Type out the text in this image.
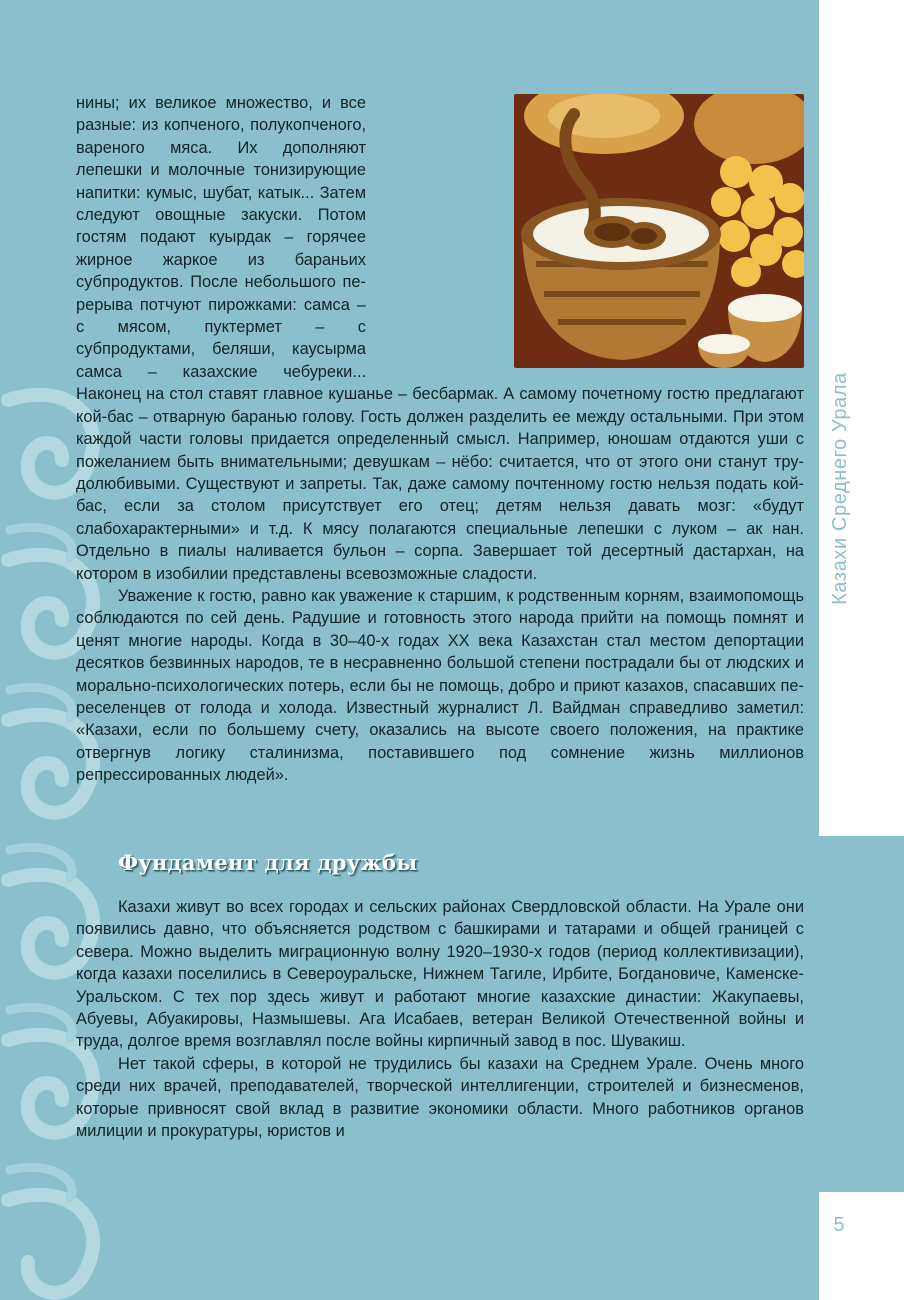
Казахи Среднего Урала
5

нины; их великое множество, и все разные: из копченого, полукопченого, вареного мяса. Их дополняют лепешки и молочные тонизирующие напитки: кумыс, шубат, катык... Затем следуют овощные закуски. Потом гостям подают куырдак – горячее жирное жаркое из бараньих субпродуктов. После небольшого перерыва потчуют пирожками: самса – с мясом, пуктермет – с субпродуктами, беляши, каусырма самса – казахские чебуреки... Наконец на стол ставят главное кушанье – бесбармак. А самому почетному гостю предлагают кой-бас – отварную баранью голову. Гость должен разделить ее между остальными. При этом каждой части головы придается определенный смысл. Например, юношам отдаются уши с пожеланием быть внимательными; девушкам – нёбо: считается, что от этого они станут трудолюбивыми. Существуют и запреты. Так, даже самому почтенному гостю нельзя подать кой-бас, если за столом присутствует его отец; детям нельзя давать мозг: «будут слабохарактерными» и т.д. К мясу полагаются специальные лепешки с луком – ак нан. Отдельно в пиалы наливается бульон – сорпа. Завершает той десертный дастархан, на котором в изобилии представлены всевозможные сладости.

Уважение к гостю, равно как уважение к старшим, к родственным корням, взаимопомощь соблюдаются по сей день. Радушие и готовность этого народа прийти на помощь помнят и ценят многие народы. Когда в 30–40-х годах XX века Казахстан стал местом депортации десятков безвинных народов, те в несравненно большой степени пострадали бы от людских и морально-психологических потерь, если бы не помощь, добро и приют казахов, спасавших переселенцев от голода и холода. Известный журналист Л. Вайдман справедливо заметил: «Казахи, если по большему счету, оказались на высоте своего положения, на практике отвергнув логику сталинизма, поставившего под сомнение жизнь миллионов репрессированных людей».

Фундамент для дружбы

Казахи живут во всех городах и сельских районах Свердловской области. На Урале они появились давно, что объясняется родством с башкирами и татарами и общей границей с севера. Можно выделить миграционную волну 1920–1930-х годов (период коллективизации), когда казахи поселились в Североуральске, Нижнем Тагиле, Ирбите, Богдановиче, Каменске-Уральском. С тех пор здесь живут и работают многие казахские династии: Жакупаевы, Абуевы, Абуакировы, Назмышевы. Ага Исабаев, ветеран Великой Отечественной войны и труда, долгое время возглавлял после войны кирпичный завод в пос. Шувакиш.

Нет такой сферы, в которой не трудились бы казахи на Среднем Урале. Очень много среди них врачей, преподавателей, творческой интеллигенции, строителей и бизнесменов, которые привносят свой вклад в развитие экономики области. Много работников органов милиции и прокуратуры, юристов и
